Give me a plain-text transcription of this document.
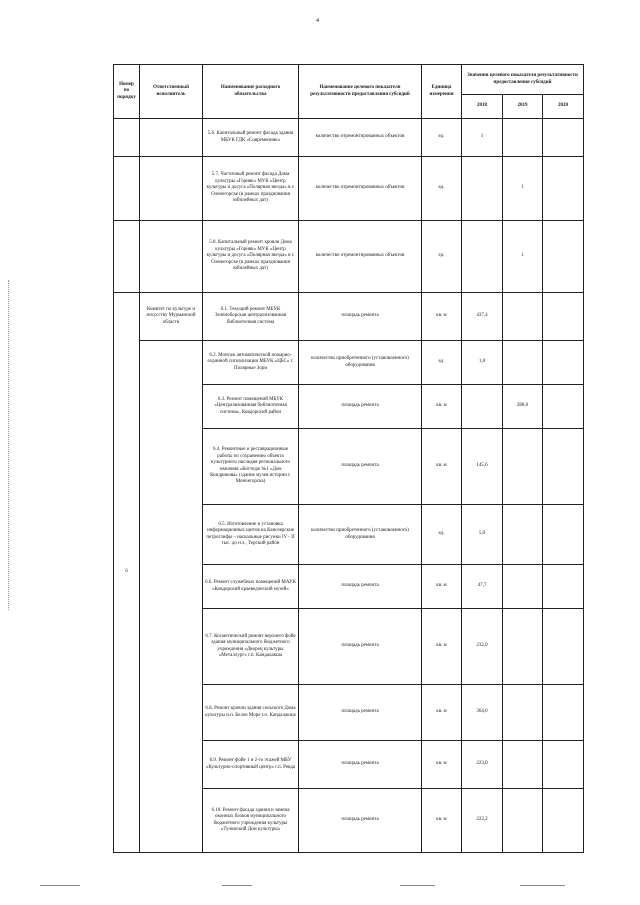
4
Номер по порядку	Ответственный исполнитель	Наименование расходного обязательства	Наименование целевого показателя результативности предоставления субсидий	Единица измерения	Значения целевого показателя результативности предоставления субсидий		
					2018	2019	2020
		5.6. Капитальный ремонт фасада здания МБУК ГДК «Современник»	количество отремонтированных объектов	ед.	1		
		5.7. Частичный ремонт фасада Дома культуры «Горняк» МУК «Центр культуры и досуга «Полярная звезда» в г. Оленегорске (в рамках празднования юбилейных дат)	количество отремонтированных объектов	ед.		1	
		5.8. Капитальный ремонт кровли Дома культуры «Горняк» МУК «Центр культуры и досуга «Полярная звезда» в г. Оленегорске (в рамках празднования юбилейных дат)	количество отремонтированных объектов	ед.		1	
6	Комитет по культуре и искусству Мурманской области	6.1. Текущий ремонт МБУК Зеленоборская централизованная библиотечная система	площадь ремонта	кв. м	437,4		
		6.2. Монтаж автоматической пожарно-охранной сигнализации МБУК «ЦБС» г. Полярные Зори	количество приобретенного (установленного) оборудования	ед.	1,0		
		6.3. Ремонт помещений МБУК «Централизованная библиотечная система», Ковдорский район	площадь ремонта	кв. м		288,0	
		6.4. Ремонтные и реставрационные работы по сохранению объекта культурного наследия регионального значения «Коттедж №1 «Дом Кондрикова» (здание музея истории г. Мончегорска)	площадь ремонта	кв. м	145,6		
		6.5. Изготовление и установка информационных щитов на Канозерские петроглифы – наскальные рисунки IV - II тыс. до н.э., Терский район	количество приобретенного (установленного) оборудования	ед.	5,0		
		6.6. Ремонт служебных помещений МАУК «Ковдорский краеведческий музей»	площадь ремонта	кв. м	47,7		
		6.7. Косметический ремонт верхнего фойе здания муниципального бюджетного учреждения «Дворец культуры «Металлург» г.п. Кандалакша	площадь ремонта	кв. м	232,0		
		6.8. Ремонт кровли здания сельского Дома культуры н.п. Белое Море г.п. Кандалакша	площадь ремонта	кв. м	364,0		
		6.9. Ремонт фойе 1 и 2-го этажей МБУ «Культурно-спортивный центр» г.п. Ревда	площадь ремонта	кв. м	223,0		
		6.10. Ремонт фасада здания и замена оконных блоков муниципального бюджетного учреждения культуры «Туломский Дом культуры»	площадь ремонта	кв. м	222,2		
